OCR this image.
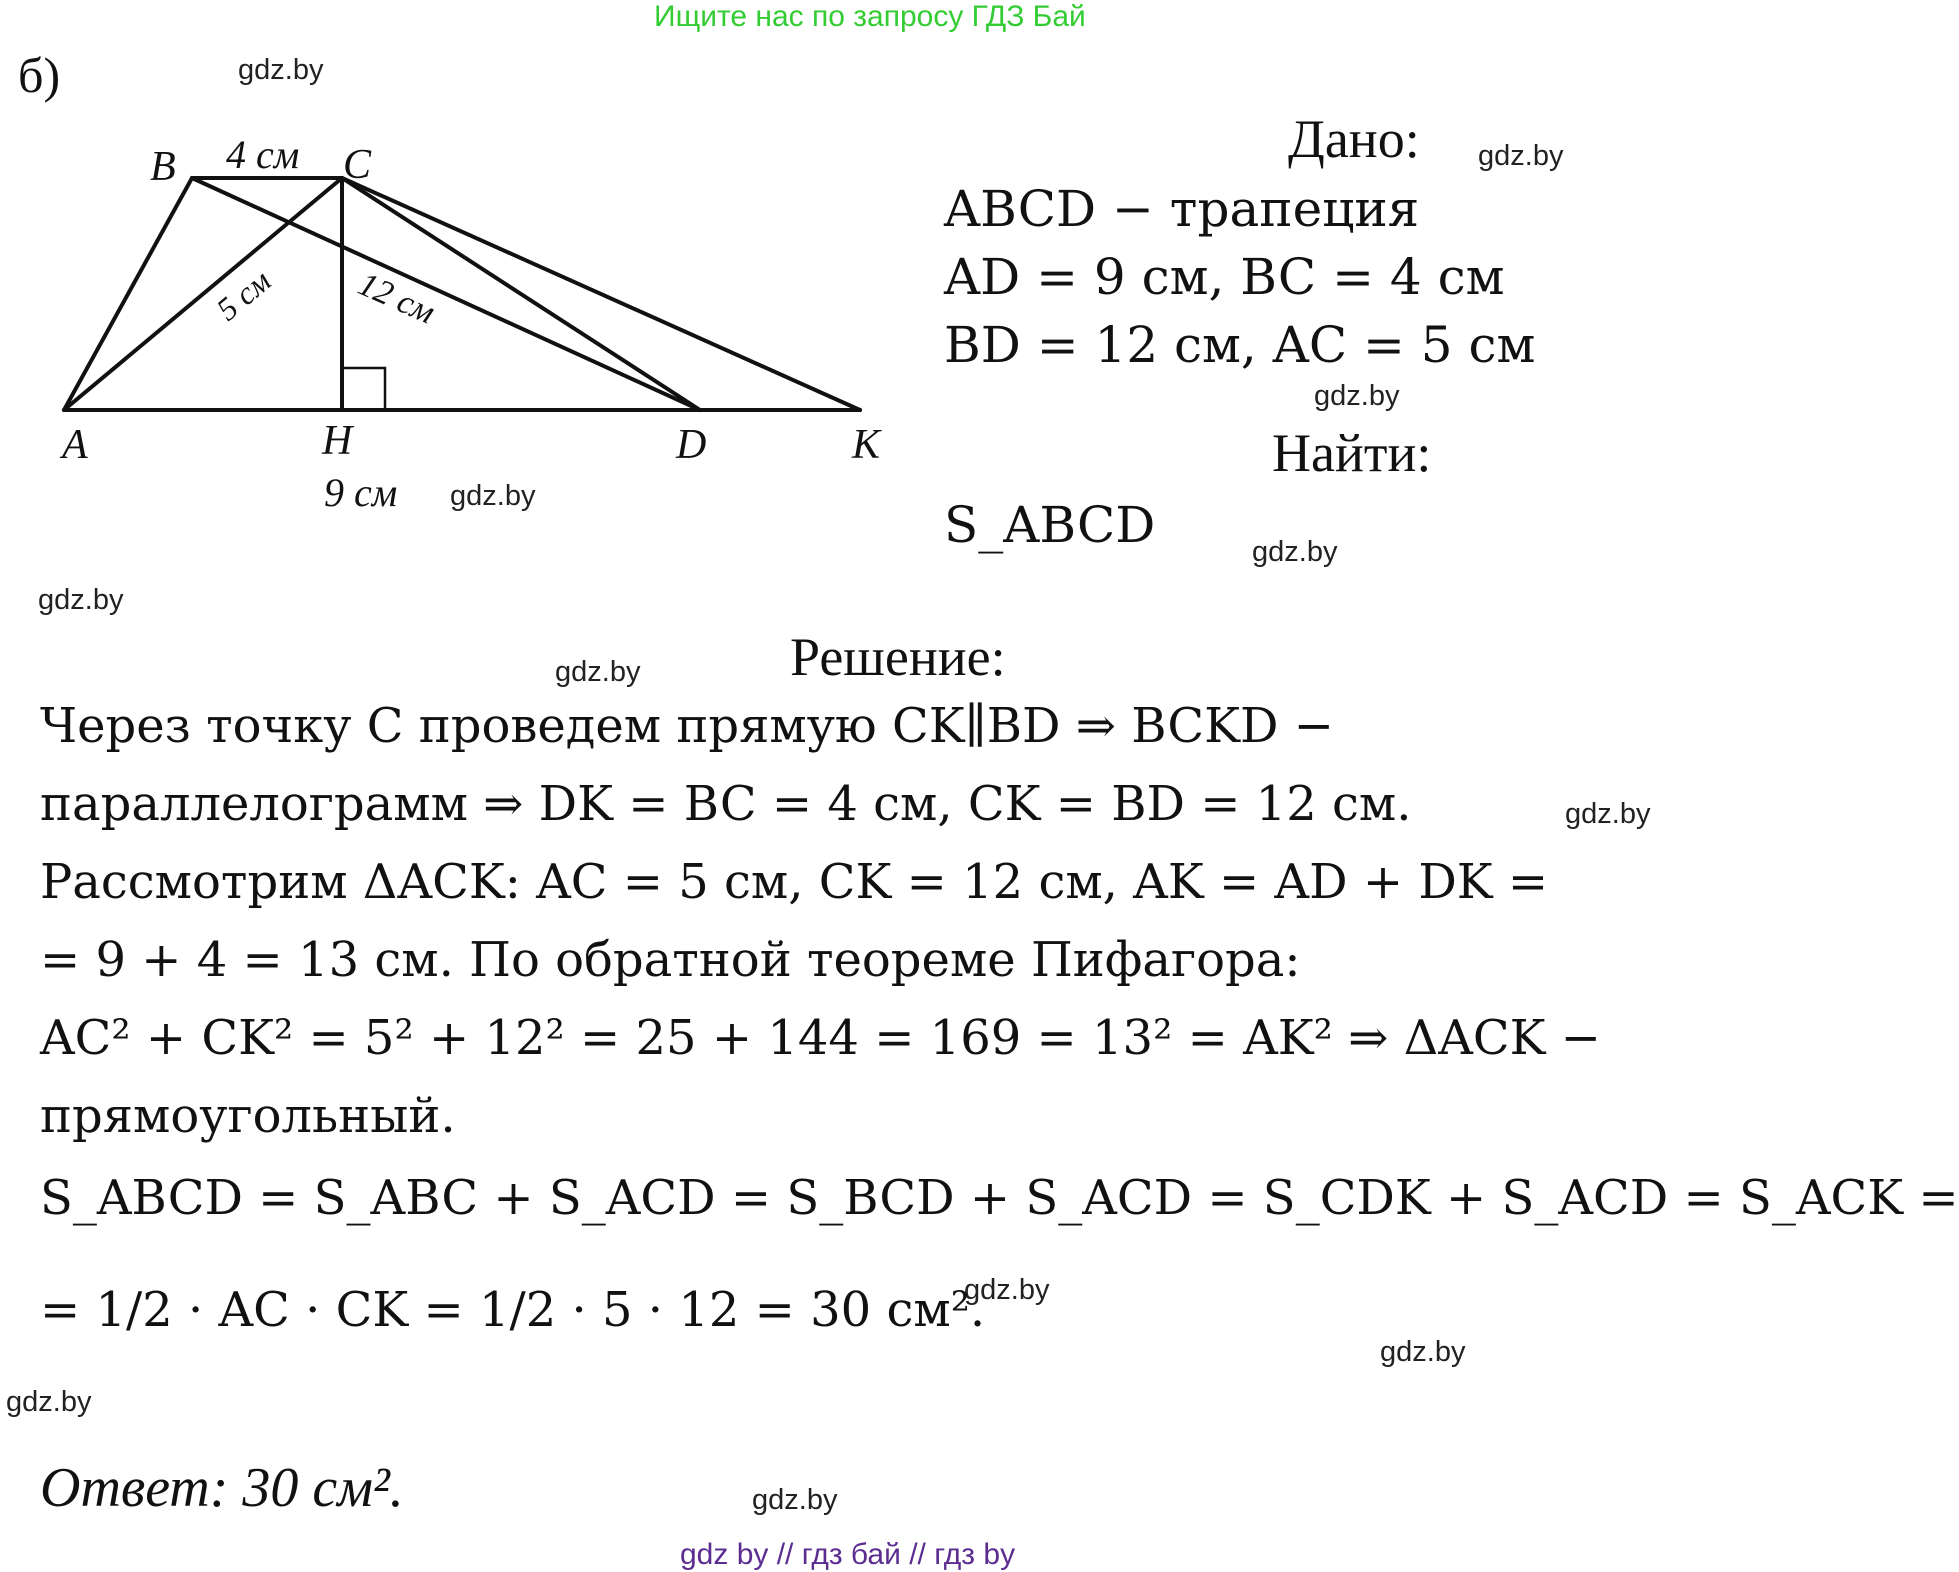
Ищите нас по запросу ГДЗ Бай
б)	gdz.by
gdz.by
gdz.by
gdz.by
gdz.by
gdz.by
gdz.by
gdz.by
gdz.by
gdz.by
gdz.by
gdz.by
B	C
A	H	D	K
4 см
5 см 12 см
9 см
Дано:
ABCD − трапеция
AD = 9 см, BC = 4 см
BD = 12 см, AC = 5 см
Найти:
S_ABCD
Решение:
Через точку C проведем прямую CK∥BD ⇒ BCKD −
параллелограмм ⇒ DK = BC = 4 см, CK = BD = 12 см.
Рассмотрим ΔACK: AC = 5 см, CK = 12 см, AK = AD + DK =
= 9 + 4 = 13 см. По обратной теореме Пифагора:
AC² + CK² = 5² + 12² = 25 + 144 = 169 = 13² = AK² ⇒ ΔACK −
прямоугольный.
S_ABCD = S_ABC + S_ACD = S_BCD + S_ACD = S_CDK + S_ACD = S_ACK =
= 1/2 · AC · CK = 1/2 · 5 · 12 = 30 см².
Ответ: 30 см².
gdz by // гдз бай // гдз by
